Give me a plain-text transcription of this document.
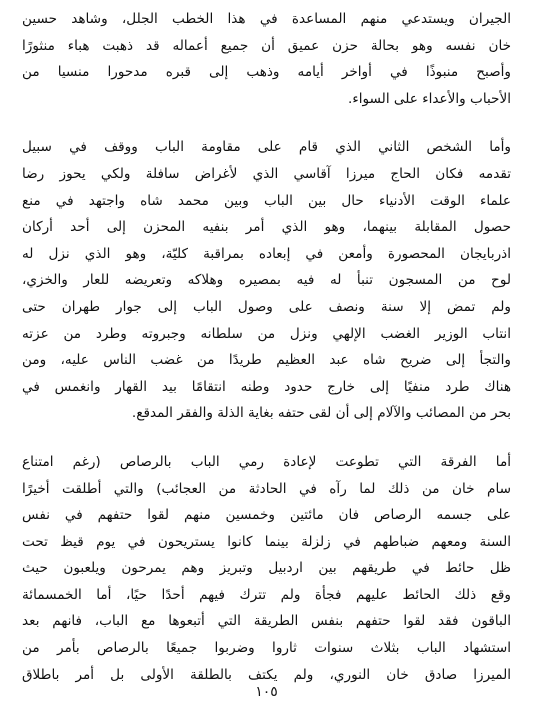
الجيران ويستدعي منهم المساعدة في هذا الخطب الجلل، وشاهد حسين
خان نفسه وهو بحالة حزن عميق أن جميع أعماله قد ذهبت هباء منثورًا
وأصبح منبوذًا في أواخر أيامه وذهب إلى قبره مدحورا منسيا من
الأحباب والأعداء على السواء.
وأما الشخص الثاني الذي قام على مقاومة الباب ووقف في سبيل
تقدمه فكان الحاج ميرزا آقاسي الذي لأغراض سافلة ولكي يحوز رضا
علماء الوقت الأدنياء حال بين الباب وبين محمد شاه واجتهد في منع
حصول المقابلة بينهما، وهو الذي أمر بنفيه المحزن إلى أحد أركان
اذربايجان المحصورة وأمعن في إبعاده بمراقبة كليّة، وهو الذي نزل له
لوح من المسجون تنبأ له فيه بمصيره وهلاكه وتعريضه للعار والخزي،
ولم تمض إلا سنة ونصف على وصول الباب إلى جوار طهران حتى
انتاب الوزير الغضب الإلهي ونزل من سلطانه وجبروته وطرد من عزته
والتجأ إلى ضريح شاه عبد العظيم طريدًا من غضب الناس عليه، ومن
هناك طرد منفيًا إلى خارج حدود وطنه انتقامًا بيد القهار وانغمس في
بحر من المصائب والآلام إلى أن لقى حتفه بغاية الذلة والفقر المدقع.
أما الفرقة التي تطوعت لإعادة رمي الباب بالرصاص (رغم امتناع
سام خان من ذلك لما رآه في الحادثة من العجائب) والتي أطلقت أخيرًا
على جسمه الرصاص فان مائتين وخمسين منهم لقوا حتفهم في نفس
السنة ومعهم ضباطهم في زلزلة بينما كانوا يستريحون في يوم قيظ تحت
ظل حائط في طريقهم بين اردبيل وتبريز وهم يمرحون ويلعبون حيث
وقع ذلك الحائط عليهم فجأة ولم تترك فيهم أحدًا حيًا، أما الخمسمائة
الباقون فقد لقوا حتفهم بنفس الطريقة التي أتبعوها مع الباب، فانهم بعد
استشهاد الباب بثلاث سنوات ثاروا وضربوا جميعًا بالرصاص بأمر من
الميرزا صادق خان النوري، ولم يكتف بالطلقة الأولى بل أمر باطلاق
١٠٥
